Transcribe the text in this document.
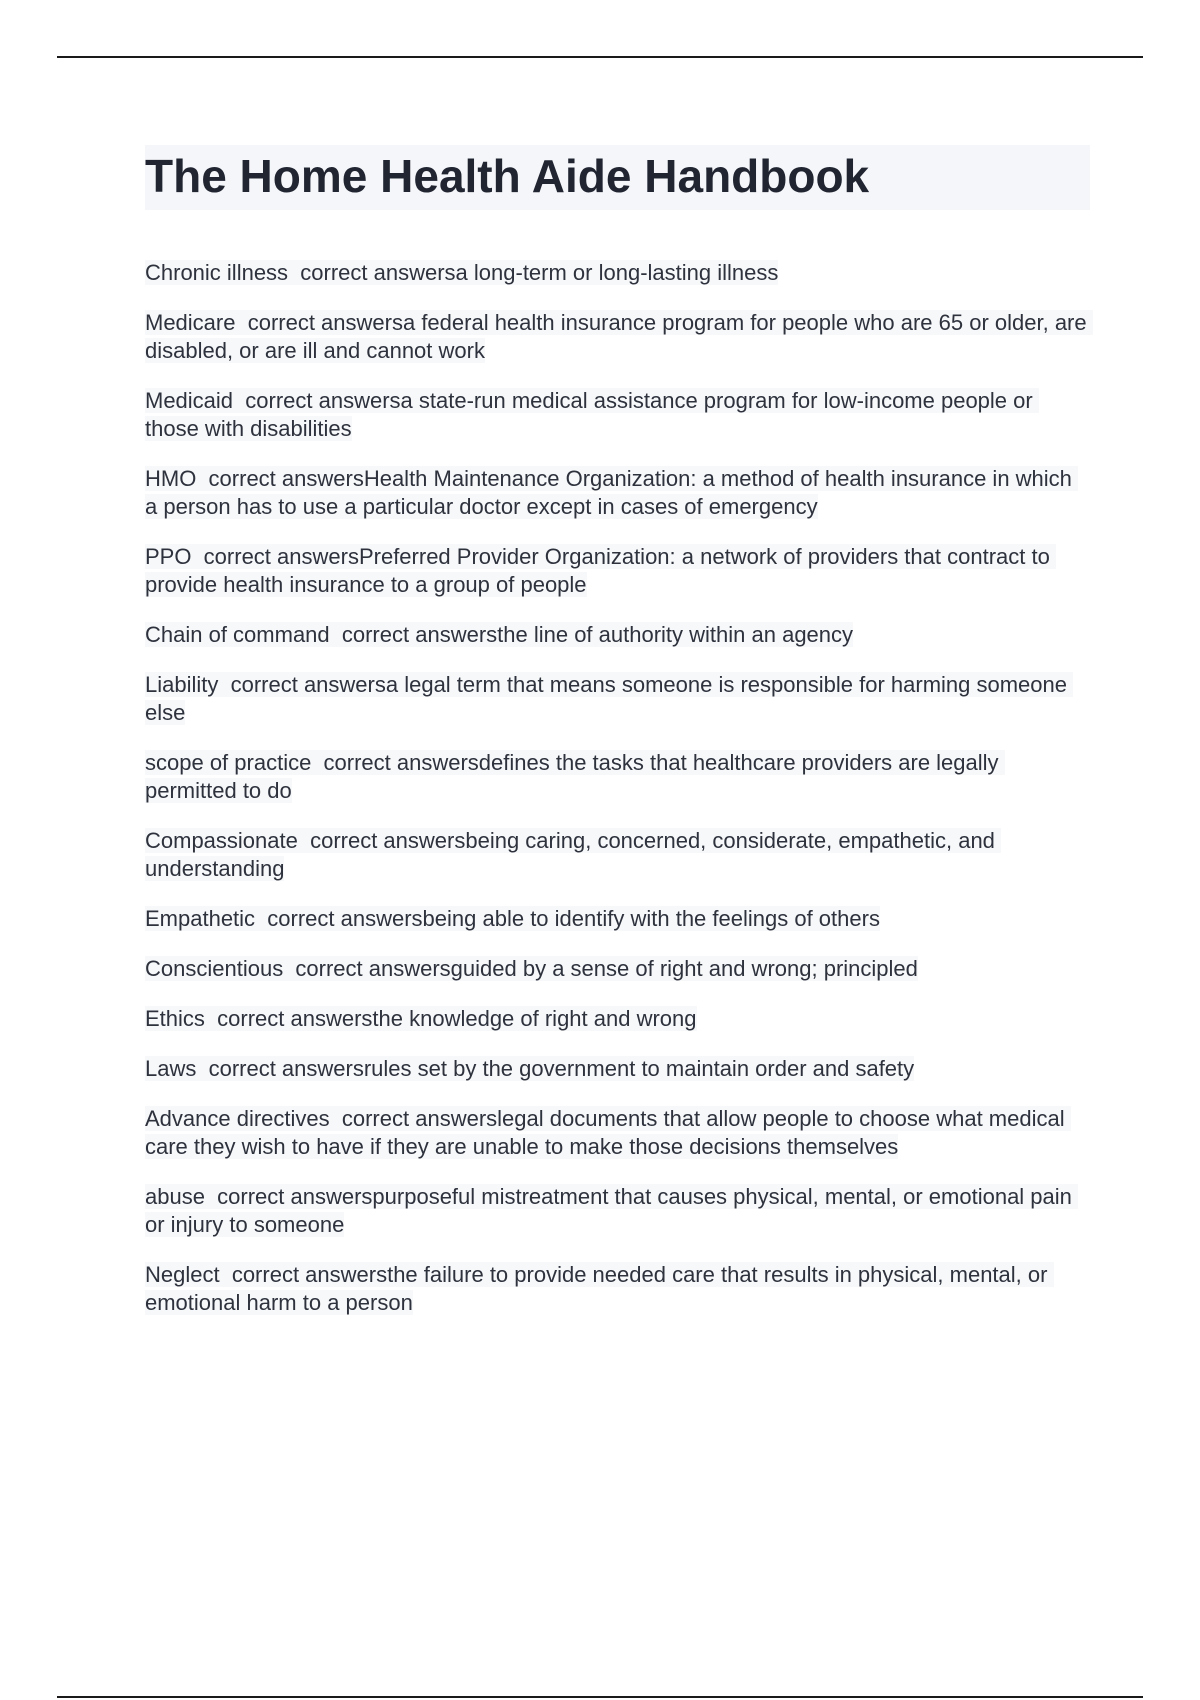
The Home Health Aide Handbook

Chronic illness  correct answersa long-term or long-lasting illness

Medicare  correct answersa federal health insurance program for people who are 65 or older, are disabled, or are ill and cannot work

Medicaid  correct answersa state-run medical assistance program for low-income people or those with disabilities

HMO  correct answersHealth Maintenance Organization: a method of health insurance in which a person has to use a particular doctor except in cases of emergency

PPO  correct answersPreferred Provider Organization: a network of providers that contract to provide health insurance to a group of people

Chain of command  correct answersthe line of authority within an agency

Liability  correct answersa legal term that means someone is responsible for harming someone else

scope of practice  correct answersdefines the tasks that healthcare providers are legally permitted to do

Compassionate  correct answersbeing caring, concerned, considerate, empathetic, and understanding

Empathetic  correct answersbeing able to identify with the feelings of others

Conscientious  correct answersguided by a sense of right and wrong; principled

Ethics  correct answersthe knowledge of right and wrong

Laws  correct answersrules set by the government to maintain order and safety

Advance directives  correct answerslegal documents that allow people to choose what medical care they wish to have if they are unable to make those decisions themselves

abuse  correct answerspurposeful mistreatment that causes physical, mental, or emotional pain or injury to someone

Neglect  correct answersthe failure to provide needed care that results in physical, mental, or emotional harm to a person
